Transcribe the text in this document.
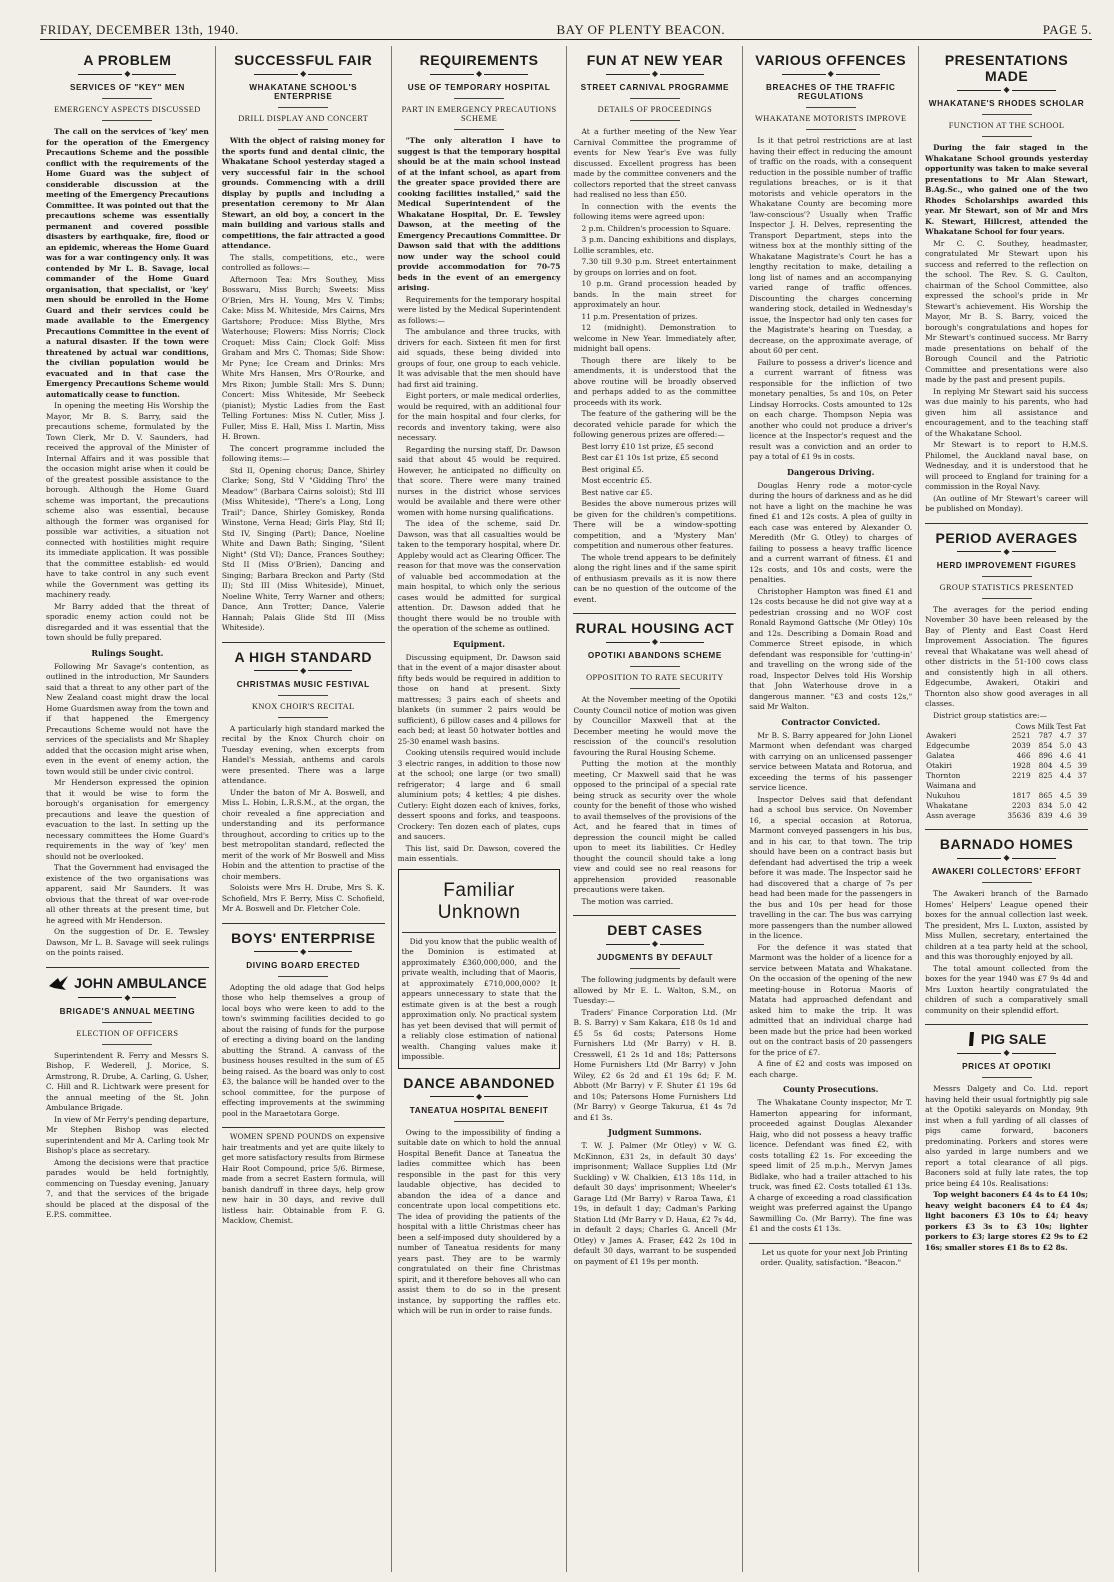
FRIDAY, DECEMBER 13th, 1940.	BAY OF PLENTY BEACON.	PAGE 5.
A PROBLEM
◆
SERVICES OF "KEY" MEN
EMERGENCY ASPECTS DISCUSSED

The call on the services of 'key' men for the operation of the Emergency Precautions Scheme and the possible conflict with the requirements of the Home Guard was the subject of considerable discussion at the meeting of the Emergency Precautions Committee. It was pointed out that the precautions scheme was essentially permanent and covered possible disasters by earthquake, fire, flood or an epidemic, whereas the Home Guard was for a war contingency only. It was contended by Mr L. B. Savage, local commander of the Home Guard organisation, that specialist, or 'key' men should be enrolled in the Home Guard and their services could be made available to the Emergency Precautions Committee in the event of a natural disaster. If the town were threatened by actual war conditions, the civilian population would be evacuated and in that case the Emergency Precautions Scheme would automatically cease to function.

In opening the meeting His Worship the Mayor, Mr B. S. Barry, said the precautions scheme, formulated by the Town Clerk, Mr D. V. Saunders, had received the approval of the Minister of Internal Affairs and it was possible that the occasion might arise when it could be of the greatest possible assistance to the borough. Although the Home Guard scheme was important, the precautions scheme also was essential, because although the former was organised for possible war activities, a situation not connected with hostilities might require its immediate application. It was possible that the committee establish- ed would have to take control in any such event while the Government was getting its machinery ready.

Mr Barry added that the threat of sporadic enemy action could not be disregarded and it was essential that the town should be fully prepared.

Rulings Sought.

Following Mr Savage's contention, as outlined in the introduction, Mr Saunders said that a threat to any other part of the New Zealand coast might draw the local Home Guardsmen away from the town and if that happened the Emergency Precautions Scheme would not have the services of the specialists and Mr Shapley added that the occasion might arise when, even in the event of enemy action, the town would still be under civic control.

Mr Henderson expressed the opinion that it would be wise to form the borough's organisation for emergency precautions and leave the question of evacuation to the last. In setting up the necessary committees the Home Guard's requirements in the way of 'key' men should not be overlooked.

That the Government had envisaged the existence of the two organisations was apparent, said Mr Saunders. It was obvious that the threat of war over-rode all other threats at the present time, but he agreed with Mr Henderson.

On the suggestion of Dr. E. Tewsley Dawson, Mr L. B. Savage will seek rulings on the points raised.

JOHN AMBULANCE
◆
BRIGADE'S ANNUAL MEETING
ELECTION OF OFFICERS

Superintendent R. Ferry and Messrs S. Bishop, F. Wederell, J. Morice, S. Armstrong, R. Drube, A. Carling, G. Usher, C. Hill and R. Lichtwark were present for the annual meeting of the St. John Ambulance Brigade.

In view of Mr Ferry's pending departure, Mr Stephen Bishop was elected superintendent and Mr A. Carling took Mr Bishop's place as secretary.

Among the decisions were that practice parades would be held fortnightly, commencing on Tuesday evening, January 7, and that the services of the brigade should be placed at the disposal of the E.P.S. committee.

SUCCESSFUL FAIR
◆
WHAKATANE SCHOOL'S ENTERPRISE
DRILL DISPLAY AND CONCERT

With the object of raising money for the sports fund and dental clinic, the Whakatane School yesterday staged a very successful fair in the school grounds. Commencing with a drill display by pupils and including a presentation ceremony to Mr Alan Stewart, an old boy, a concert in the main building and various stalls and competitions, the fair attracted a good attendance.

The stalls, competitions, etc., were controlled as follows:—

Afternoon Tea: Mrs Southey, Miss Bosswaru, Miss Burch; Sweets: Miss O'Brien, Mrs H. Young, Mrs V. Timbs; Cake: Miss M. Whiteside, Mrs Cairns, Mrs Gartshore; Produce: Miss Blythe, Mrs Waterhouse; Flowers: Miss Norris; Clock Croquet: Miss Cain; Clock Golf: Miss Graham and Mrs C. Thomas; Side Show: Mr Pyne; Ice Cream and Drinks: Mrs White Mrs Hansen, Mrs O'Rourke, and Mrs Rixon; Jumble Stall: Mrs S. Dunn; Concert: Miss Whiteside, Mr Seebeck (pianist); Mystic Ladies from the East Telling Fortunes: Miss N. Cutler, Miss J. Fuller, Miss E. Hall, Miss I. Martin, Miss H. Brown.

The concert programme included the following items:—

Std II, Opening chorus; Dance, Shirley Clarke; Song, Std V "Gidding Thro' the Meadow" (Barbara Cairns soloist); Std III (Miss Whiteside), "There's a Long, Long Trail"; Dance, Shirley Gomiskey, Ronda Winstone, Verna Head; Girls Play, Std II; Std IV, Singing (Part); Dance, Noeline White and Dawn Bath; Singing, "Silent Night" (Std VI); Dance, Frances Southey; Std II (Miss O'Brien), Dancing and Singing; Barbara Breckon and Party (Std II); Std III (Miss Whiteside), Minuet, Noeline White, Terry Warner and others; Dance, Ann Trotter; Dance, Valerie Hannah; Palais Glide Std III (Miss Whiteside).

A HIGH STANDARD
◆
CHRISTMAS MUSIC FESTIVAL
KNOX CHOIR'S RECITAL

A particularly high standard marked the recital by the Knox Church choir on Tuesday evening, when excerpts from Handel's Messiah, anthems and carols were presented. There was a large attendance.

Under the baton of Mr A. Boswell, and Miss L. Hobin, L.R.S.M., at the organ, the choir revealed a fine appreciation and understanding and its performance throughout, according to critics up to the best metropolitan standard, reflected the merit of the work of Mr Boswell and Miss Hobin and the attention to practise of the choir members.

Soloists were Mrs H. Drube, Mrs S. K. Schofield, Mrs F. Berry, Miss C. Schofield, Mr A. Boswell and Dr. Fletcher Cole.

BOYS' ENTERPRISE
◆
DIVING BOARD ERECTED

Adopting the old adage that God helps those who help themselves a group of local boys who were keen to add to the town's swimming facilities decided to go about the raising of funds for the purpose of erecting a diving board on the landing abutting the Strand. A canvass of the business houses resulted in the sum of £5 being raised. As the board was only to cost £3, the balance will be handed over to the school committee, for the purpose of effecting improvements at the swimming pool in the Maraetotara Gorge.

WOMEN SPEND POUNDS on expensive hair treatments and yet are quite likely to get more satisfactory results from Birmese Hair Root Compound, price 5/6. Birmese, made from a secret Eastern formula, will banish dandruff in three days, help grow new hair in 30 days, and revive dull listless hair. Obtainable from F. G. Macklow, Chemist.

REQUIREMENTS
◆
USE OF TEMPORARY HOSPITAL
PART IN EMERGENCY PRECAUTIONS SCHEME

"The only alteration I have to suggest is that the temporary hospital should be at the main school instead of at the infant school, as apart from the greater space provided there are cooking facilities installed," said the Medical Superintendent of the Whakatane Hospital, Dr. E. Tewsley Dawson, at the meeting of the Emergency Precautions Committee. Dr Dawson said that with the additions now under way the school could provide accommodation for 70-75 beds in the event of an emergency arising.

Requirements for the temporary hospital were listed by the Medical Superintendent as follows:—

The ambulance and three trucks, with drivers for each. Sixteen fit men for first aid squads, these being divided into groups of four, one group to each vehicle. It was advisable that the men should have had first aid training.

Eight porters, or male medical orderlies, would be required, with an additional four for the main hospital and four clerks, for records and inventory taking, were also necessary.

Regarding the nursing staff, Dr. Dawson said that about 45 would be required. However, he anticipated no difficulty on that score. There were many trained nurses in the district whose services would be available and there were other women with home nursing qualifications.

The idea of the scheme, said Dr. Dawson, was that all casualties would be taken to the temporary hospital, where Dr. Appleby would act as Clearing Officer. The reason for that move was the conservation of valuable bed accommodation at the main hospital, to which only the serious cases would be admitted for surgical attention. Dr. Dawson added that he thought there would be no trouble with the operation of the scheme as outlined.

Equipment.

Discussing equipment, Dr. Dawson said that in the event of a major disaster about fifty beds would be required in addition to those on hand at present. Sixty mattresses; 3 pairs each of sheets and blankets (in summer 2 pairs would be sufficient), 6 pillow cases and 4 pillows for each bed; at least 50 hotwater bottles and 25-30 enamel wash basins.

Cooking utensils required would include 3 electric ranges, in addition to those now at the school; one large (or two small) refrigerator; 4 large and 6 small aluminium pots; 4 kettles; 4 pie dishes. Cutlery: Eight dozen each of knives, forks, dessert spoons and forks, and teaspoons. Crockery: Ten dozen each of plates, cups and saucers.

This list, said Dr. Dawson, covered the main essentials.

Familiar Unknown

Did you know that the public wealth of the Dominion is estimated at approximately £360,000,000, and the private wealth, including that of Maoris, at approximately £710,000,000? It appears unnecessary to state that the estimate given is at the best a rough approximation only. No practical system has yet been devised that will permit of a reliably close estimation of national wealth. Changing values make it impossible.

DANCE ABANDONED
◆
TANEATUA HOSPITAL BENEFIT

Owing to the impossibility of finding a suitable date on which to hold the annual Hospital Benefit Dance at Taneatua the ladies committee which has been responsible in the past for this very laudable objective, has decided to abandon the idea of a dance and concentrate upon local competitions etc. The idea of providing the patients of the hospital with a little Christmas cheer has been a self-imposed duty shouldered by a number of Taneatua residents for many years past. They are to be warmly congratulated on their fine Christmas spirit, and it therefore behoves all who can assist them to do so in the present instance, by supporting the raffles etc. which will be run in order to raise funds.

FUN AT NEW YEAR
◆
STREET CARNIVAL PROGRAMME
DETAILS OF PROCEEDINGS

At a further meeting of the New Year Carnival Committee the programme of events for New Year's Eve was fully discussed. Excellent progress has been made by the committee conveners and the collectors reported that the street canvass had realised no less than £50.

In connection with the events the following items were agreed upon:

2 p.m. Children's procession to Square.

3 p.m. Dancing exhibitions and displays, Lollie scrambles, etc.

7.30 till 9.30 p.m. Street entertainment by groups on lorries and on foot.

10 p.m. Grand procession headed by bands. In the main street for approximately an hour.

11 p.m. Presentation of prizes.

12 (midnight). Demonstration to welcome in New Year. Immediately after, midnight ball opens.

Though there are likely to be amendments, it is understood that the above routine will be broadly observed and perhaps added to as the committee proceeds with its work.

The feature of the gathering will be the decorated vehicle parade for which the following generous prizes are offered:—

Best lorry £10 1st prize, £5 second

Best car £1 10s 1st prize, £5 second

Best original £5.

Most eccentric £5.

Best native car £5.

Besides the above numerous prizes will be given for the children's competitions. There will be a window-spotting competition, and a 'Mystery Man' competition and numerous other features.

The whole trend appears to be definitely along the right lines and if the same spirit of enthusiasm prevails as it is now there can be no question of the outcome of the event.

RURAL HOUSING ACT
◆
OPOTIKI ABANDONS SCHEME
OPPOSITION TO RATE SECURITY

At the November meeting of the Opotiki County Council notice of motion was given by Councillor Maxwell that at the December meeting he would move the rescission of the council's resolution favouring the Rural Housing Scheme.

Putting the motion at the monthly meeting, Cr Maxwell said that he was opposed to the principal of a special rate being struck as security over the whole county for the benefit of those who wished to avail themselves of the provisions of the Act, and he feared that in times of depression the council might be called upon to meet its liabilities. Cr Hedley thought the council should take a long view and could see no real reasons for apprehension provided reasonable precautions were taken.

The motion was carried.

DEBT CASES
◆
JUDGMENTS BY DEFAULT

The following judgments by default were allowed by Mr E. L. Walton, S.M., on Tuesday:—

Traders' Finance Corporation Ltd. (Mr B. S. Barry) v Sam Kakara, £18 0s 1d and £5 5s 6d costs; Patersons Home Furnishers Ltd (Mr Barry) v H. B. Cresswell, £1 2s 1d and 18s; Pattersons Home Furnishers Ltd (Mr Barry) v John Wiley, £2 6s 2d and £1 19s 6d; F. M. Abbott (Mr Barry) v F. Shuter £1 19s 6d and 10s; Patersons Home Furnishers Ltd (Mr Barry) v George Takurua, £1 4s 7d and £1 3s.

Judgment Summons.

T. W. J. Palmer (Mr Otley) v W. G. McKinnon, £31 2s, in default 30 days' imprisonment; Wallace Supplies Ltd (Mr Suckling) v W. Chalkien, £13 18s 11d, in default 30 days' imprisonment; Wheeler's Garage Ltd (Mr Barry) v Raroa Tawa, £1 19s, in default 1 day; Cadman's Parking Station Ltd (Mr Barry v D. Haua, £2 7s 4d, in default 2 days; Charles G. Ancell (Mr Otley) v James A. Fraser, £42 2s 10d in default 30 days, warrant to be suspended on payment of £1 19s per month.

VARIOUS OFFENCES
◆
BREACHES OF THE TRAFFIC REGULATIONS
WHAKATANE MOTORISTS IMPROVE

Is it that petrol restrictions are at last having their effect in reducing the amount of traffic on the roads, with a consequent reduction in the possible number of traffic regulations breaches, or is it that motorists and vehicle operators in the Whakatane County are becoming more 'law-conscious'? Usually when Traffic Inspector J. H. Delves, representing the Transport Department, steps into the witness box at the monthly sitting of the Whakatane Magistrate's Court he has a lengthy recitation to make, detailing a long list of names and an accompanying varied range of traffic offences. Discounting the charges concerning wandering stock, detailed in Wednesday's issue, the Inspector had only ten cases for the Magistrate's hearing on Tuesday, a decrease, on the approximate average, of about 60 per cent.

Failure to possess a driver's licence and a current warrant of fitness was responsible for the infliction of two monetary penalties, 5s and 10s, on Peter Lindsay Horrocks. Costs amounted to 12s on each charge. Thompson Nepia was another who could not produce a driver's licence at the Inspector's request and the result was a conviction and an order to pay a total of £1 9s in costs.

Dangerous Driving.

Douglas Henry rode a motor-cycle during the hours of darkness and as he did not have a light on the machine he was fined £1 and 12s costs. A plea of guilty in each case was entered by Alexander O. Meredith (Mr G. Otley) to charges of failing to possess a heavy traffic licence and a current warrant of fitness. £1 and 12s costs, and 10s and costs, were the penalties.

Christopher Hampton was fined £1 and 12s costs because he did not give way at a pedestrian crossing and no WOF cost Ronald Raymond Gattsche (Mr Otley) 10s and 12s. Describing a Domain Road and Commerce Street episode, in which defendant was responsible for 'cutting-in' and travelling on the wrong side of the road, Inspector Delves told His Worship that John Waterhouse drove in a dangerous manner. "£3 and costs 12s," said Mr Walton.

Contractor Convicted.

Mr B. S. Barry appeared for John Lionel Marmont when defendant was charged with carrying on an unlicensed passenger service between Matata and Rotorua, and exceeding the terms of his passenger service licence.

Inspector Delves said that defendant had a school bus service. On November 16, a special occasion at Rotorua, Marmont conveyed passengers in his bus, and in his car, to that town. The trip should have been on a contract basis but defendant had advertised the trip a week before it was made. The Inspector said he had discovered that a charge of 7s per head had been made for the passengers in the bus and 10s per head for those travelling in the car. The bus was carrying more passengers than the number allowed in the licence.

For the defence it was stated that Marmont was the holder of a licence for a service between Matata and Whakatane. On the occasion of the opening of the new meeting-house in Rotorua Maoris of Matata had approached defendant and asked him to make the trip. It was admitted that an individual charge had been made but the price had been worked out on the contract basis of 20 passengers for the price of £7.

A fine of £2 and costs was imposed on each charge.

County Prosecutions.

The Whakatane County inspector, Mr T. Hamerton appearing for informant, proceeded against Douglas Alexander Haig, who did not possess a heavy traffic licence. Defendant was fined £2, with costs totalling £2 1s. For exceeding the speed limit of 25 m.p.h., Mervyn James Bidlake, who had a trailer attached to his truck, was fined £2. Costs totalled £1 13s. A charge of exceeding a road classification weight was preferred against the Upango Sawmilling Co. (Mr Barry). The fine was £1 and the costs £1 13s.

Let us quote for your next Job Printing order. Quality, satisfaction. "Beacon."

PRESENTATIONS MADE
◆
WHAKATANE'S RHODES SCHOLAR
FUNCTION AT THE SCHOOL

During the fair staged in the Whakatane School grounds yesterday opportunity was taken to make several presentations to Mr Alan Stewart, B.Ag.Sc., who gained one of the two Rhodes Scholarships awarded this year. Mr Stewart, son of Mr and Mrs K. Stewart, Hillcrest, attended the Whakatane School for four years.

Mr C. C. Southey, headmaster, congratulated Mr Stewart upon his success and referred to the reflection on the school. The Rev. S. G. Caulton, chairman of the School Committee, also expressed the school's pride in Mr Stewart's achievement. His Worship the Mayor, Mr B. S. Barry, voiced the borough's congratulations and hopes for Mr Stewart's continued success. Mr Barry made presentations on behalf of the Borough Council and the Patriotic Committee and presentations were also made by the past and present pupils.

In replying Mr Stewart said his success was due mainly to his parents, who had given him all assistance and encouragement, and to the teaching staff of the Whakatane School.

Mr Stewart is to report to H.M.S. Philomel, the Auckland naval base, on Wednesday, and it is understood that he will proceed to England for training for a commission in the Royal Navy.

(An outline of Mr Stewart's career will be published on Monday).

PERIOD AVERAGES
◆
HERD IMPROVEMENT FIGURES
GROUP STATISTICS PRESENTED

The averages for the period ending November 30 have been released by the Bay of Plenty and East Coast Herd Improvement Association. The figures reveal that Whakatane was well ahead of other districts in the 51-100 cows class and consistently high in all others. Edgecumbe, Awakeri, Otakiri and Thornton also show good averages in all classes.

District group statistics are:—

Cows Milk Test Fat
Awakeri	2521	787	4.7	37
Edgecumbe	2039	854	5.0	43
Galatea	466	896	4.6	41
Otakiri	1928	804	4.5	39
Thornton	2219	825	4.4	37
Waimana and				
Nukuhou	1817	865	4.5	39
Whakatane	2203	834	5.0	42
Assn average	35636	839	4.6	39
BARNADO HOMES
◆
AWAKERI COLLECTORS' EFFORT

The Awakeri branch of the Barnado Homes' Helpers' League opened their boxes for the annual collection last week. The president, Mrs L. Luxton, assisted by Miss Mullen, secretary, entertained the children at a tea party held at the school, and this was thoroughly enjoyed by all.

The total amount collected from the boxes for the year 1940 was £7 9s 4d and Mrs Luxton heartily congratulated the children of such a comparatively small community on their splendid effort.

PIG SALE
◆
PRICES AT OPOTIKI

Messrs Dalgety and Co. Ltd. report having held their usual fortnightly pig sale at the Opotiki saleyards on Monday, 9th inst when a full yarding of all classes of pigs came forward, baconers predominating. Porkers and stores were also yarded in large numbers and we report a total clearance of all pigs. Baconers sold at fully late rates, the top price being £4 10s. Realisations:

Top weight baconers £4 4s to £4 10s; heavy weight baconers £4 to £4 4s; light baconers £3 10s to £4; heavy porkers £3 3s to £3 10s; lighter porkers to £3; large stores £2 9s to £2 16s; smaller stores £1 8s to £2 8s.
